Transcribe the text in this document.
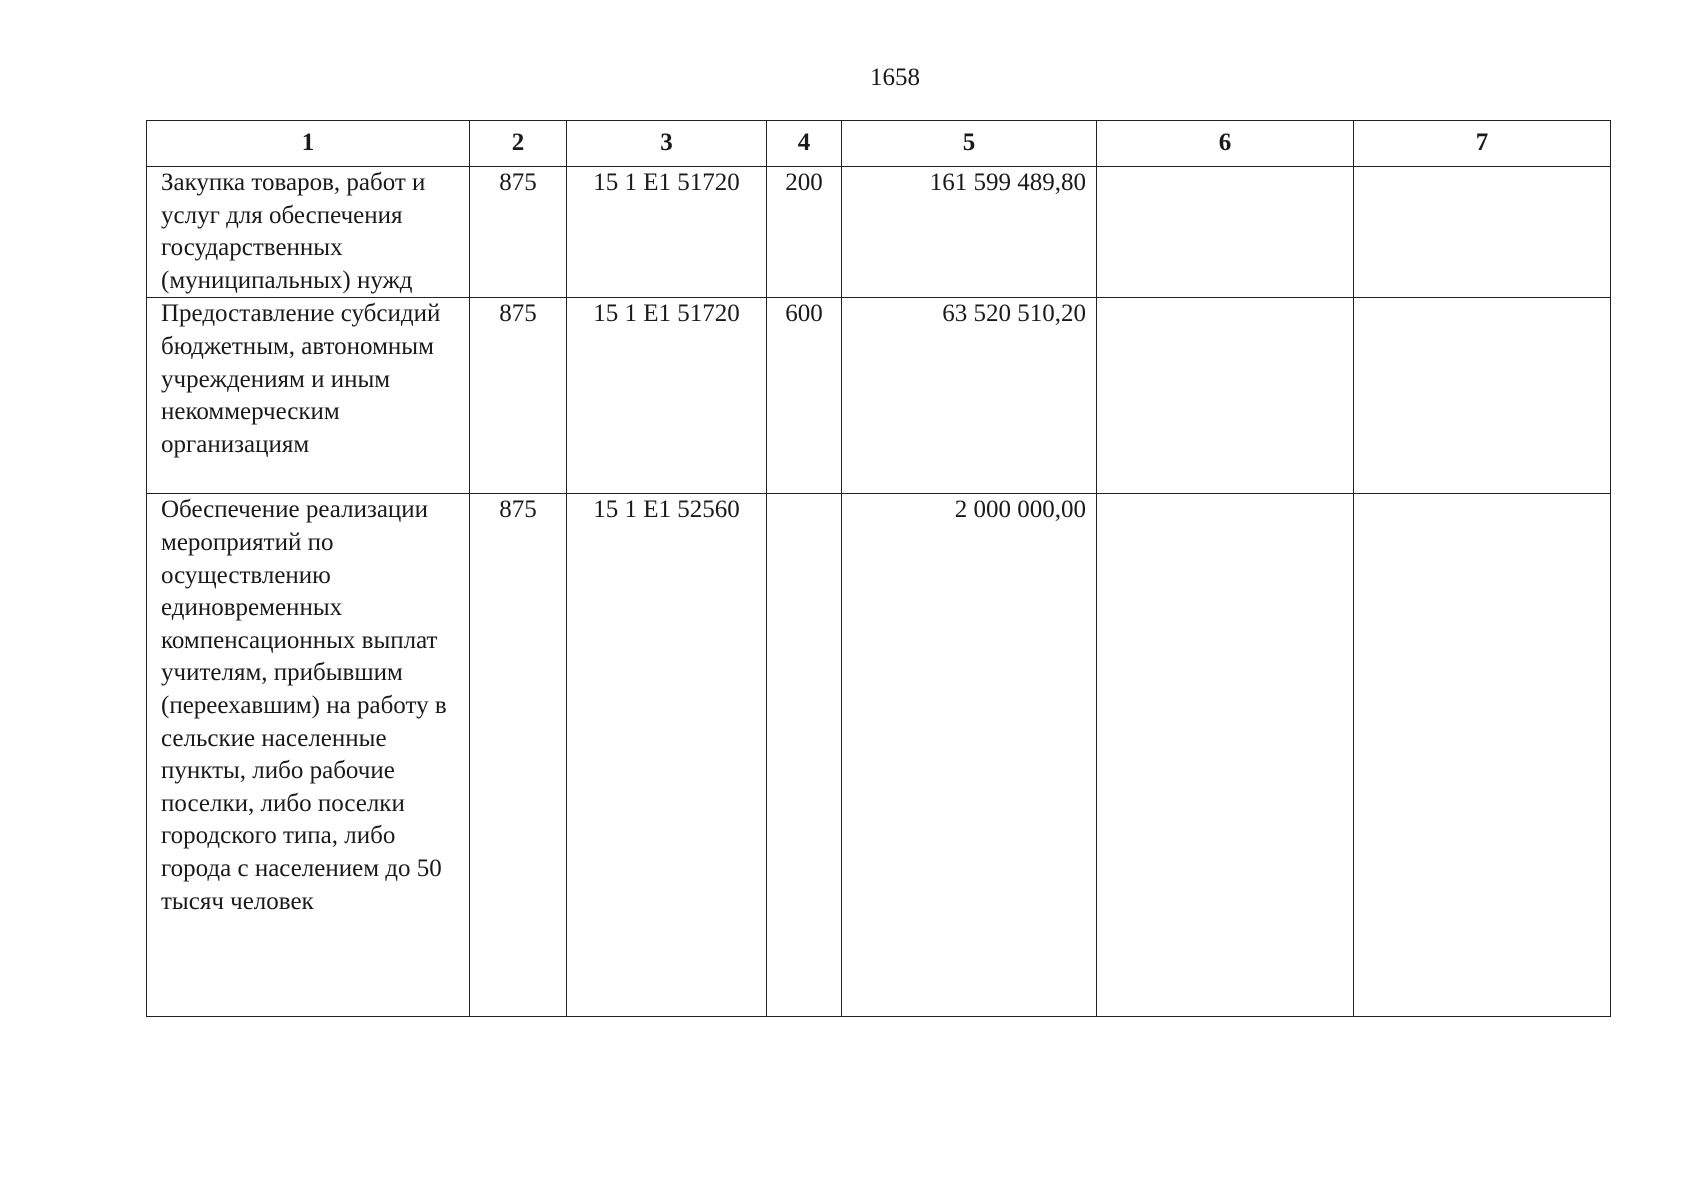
1658
1	2	3	4	5	6	7
Закупка товаров, работ и услуг для обеспечения государственных (муниципальных) нужд	875	15 1 E1 51720	200	161 599 489,80		
Предоставление субсидий бюджетным, автономным учреждениям и иным некоммерческим организациям	875	15 1 E1 51720	600	63 520 510,20		
Обеспечение реализации мероприятий по осуществлению единовременных компенсационных выплат учителям, прибывшим (переехавшим) на работу в сельские населенные пункты, либо рабочие поселки, либо поселки городского типа, либо города с населением до 50 тысяч человек	875	15 1 E1 52560		2 000 000,00		
